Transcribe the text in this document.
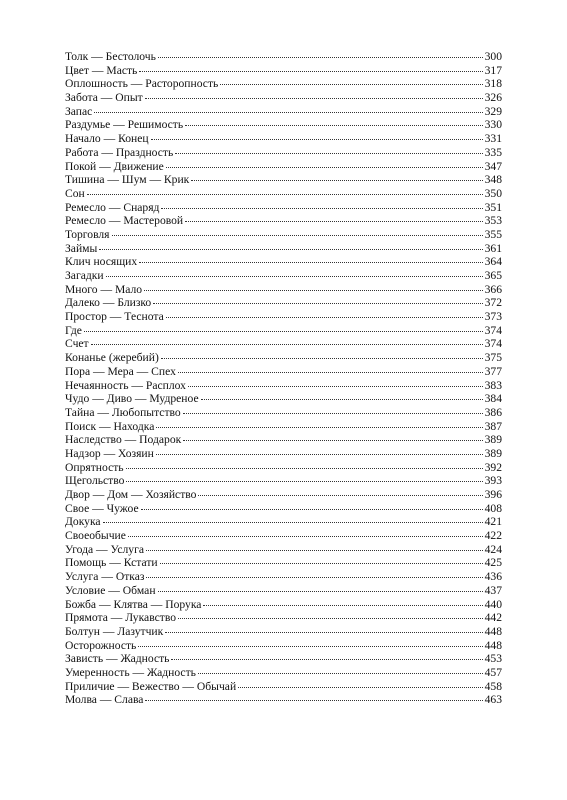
Толк — Бестолочь	300
Цвет — Масть	317
Оплошность — Расторопность	318
Забота — Опыт	326
Запас	329
Раздумье — Решимость	330
Начало — Конец	331
Работа — Праздность	335
Покой — Движение	347
Тишина — Шум — Крик	348
Сон	350
Ремесло — Снаряд	351
Ремесло — Мастеровой	353
Торговля	355
Займы	361
Клич носящих	364
Загадки	365
Много — Мало	366
Далеко — Близко	372
Простор — Теснота	373
Где	374
Счет	374
Конанье (жеребий)	375
Пора — Мера — Спех	377
Нечаянность — Расплох	383
Чудо — Диво — Мудреное	384
Тайна — Любопытство	386
Поиск — Находка	387
Наследство — Подарок	389
Надзор — Хозяин	389
Опрятность	392
Щегольство	393
Двор — Дом — Хозяйство	396
Свое — Чужое	408
Докука	421
Своеобычие	422
Угода — Услуга	424
Помощь — Кстати	425
Услуга — Отказ	436
Условие — Обман	437
Божба — Клятва — Порука	440
Прямота — Лукавство	442
Болтун — Лазутчик	448
Осторожность	448
Зависть — Жадность	453
Умеренность — Жадность	457
Приличие — Вежество — Обычай	458
Молва — Слава	463
